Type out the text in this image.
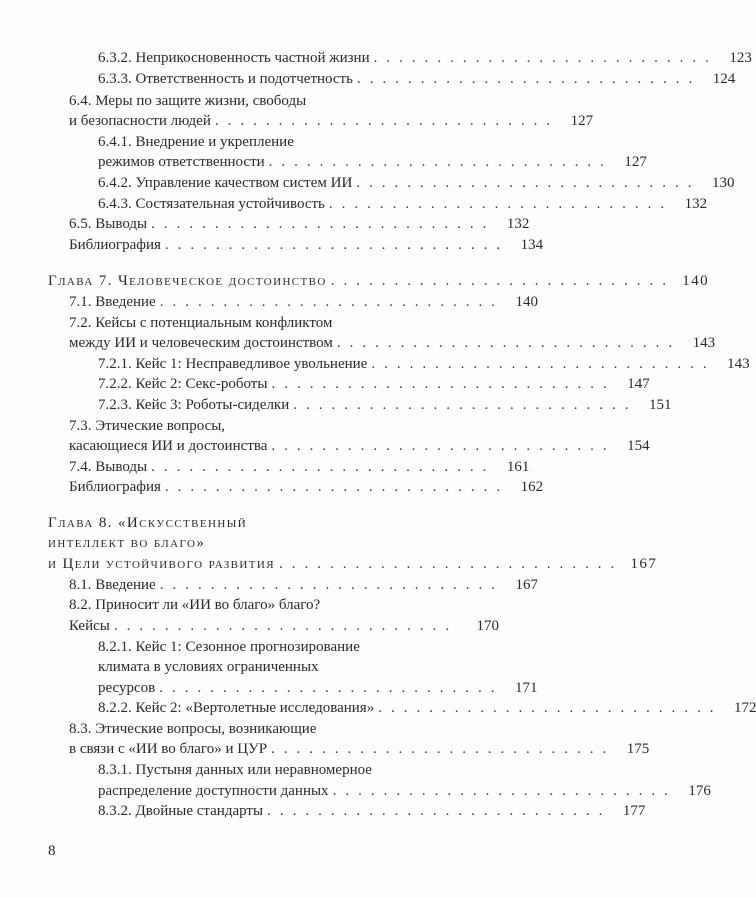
6.3.2. Неприкосновенность частной жизни ........................... 123
6.3.3. Ответственность и подотчетность ........................... 124
6.4. Меры по защите жизни, свободы
и безопасности людей ........................... 127
6.4.1. Внедрение и укрепление
режимов ответственности ........................... 127
6.4.2. Управление качеством систем ИИ ........................... 130
6.4.3. Состязательная устойчивость ........................... 132
6.5. Выводы ........................... 132
Библиография ........................... 134
Глава 7. Человеческое достоинство ........................... 140
7.1. Введение ........................... 140
7.2. Кейсы с потенциальным конфликтом
между ИИ и человеческим достоинством ........................... 143
7.2.1. Кейс 1: Несправедливое увольнение ........................... 143
7.2.2. Кейс 2: Секс-роботы ........................... 147
7.2.3. Кейс 3: Роботы-сиделки ........................... 151
7.3. Этические вопросы,
касающиеся ИИ и достоинства ........................... 154
7.4. Выводы ........................... 161
Библиография ........................... 162
Глава 8. «Искусственный
интеллект во благо»
и Цели устойчивого развития ........................... 167
8.1. Введение ........................... 167
8.2. Приносит ли «ИИ во благо» благо?
Кейсы ...........................	170
8.2.1. Кейс 1: Сезонное прогнозирование
климата в условиях ограниченных
ресурсов ........................... 171
8.2.2. Кейс 2: «Вертолетные исследования» ........................... 172
8.3. Этические вопросы, возникающие
в связи с «ИИ во благо» и ЦУР ........................... 175
8.3.1. Пустыня данных или неравномерное
распределение доступности данных ........................... 176
8.3.2. Двойные стандарты ........................... 177
8
